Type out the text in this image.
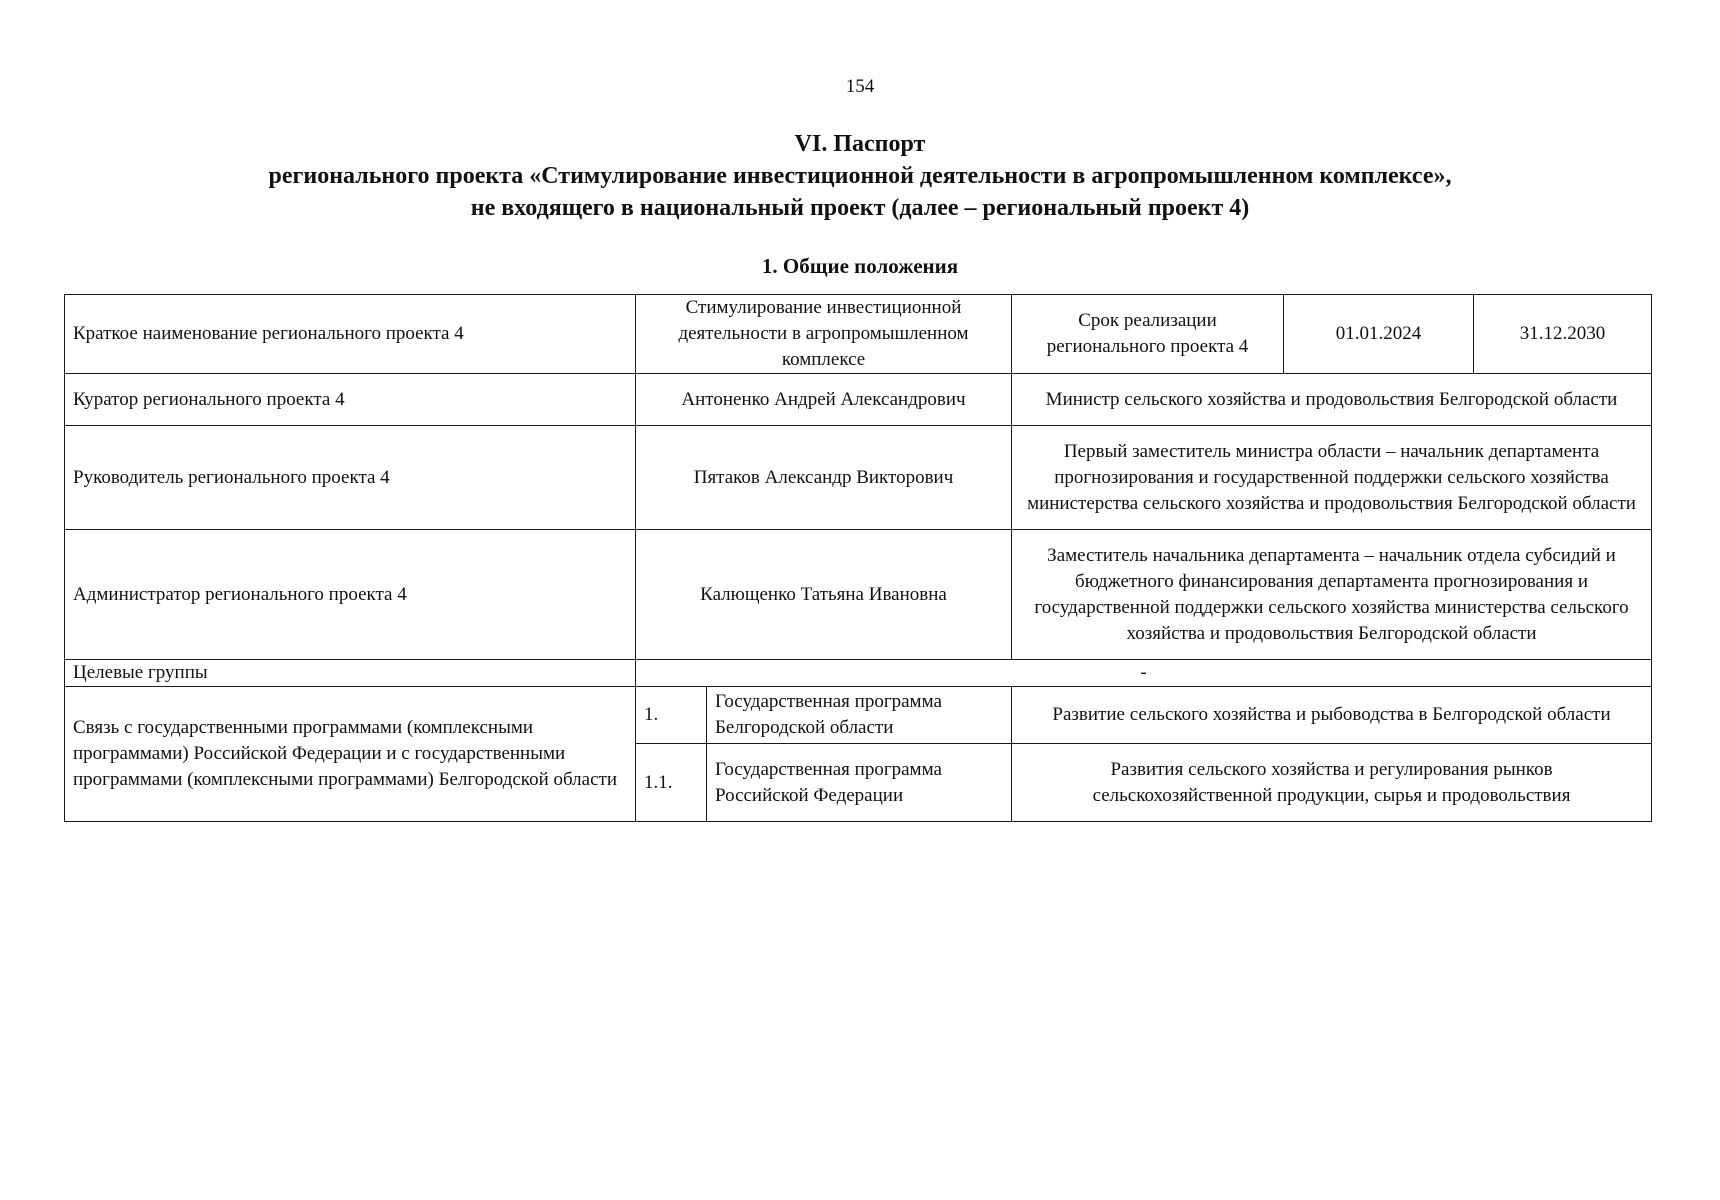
154
VI. Паспорт
регионального проекта «Стимулирование инвестиционной деятельности в агропромышленном комплексе»,
не входящего в национальный проект (далее – региональный проект 4)
1. Общие положения
Краткое наименование регионального проекта 4	Стимулирование инвестиционной деятельности в агропромышленном комплексе		Срок реализации регионального проекта 4	01.01.2024	31.12.2030
Куратор регионального проекта 4	Антоненко Андрей Александрович		Министр сельского хозяйства и продовольствия Белгородской области		
Руководитель регионального проекта 4	Пятаков Александр Викторович		Первый заместитель министра области – начальник департамента прогнозирования и государственной поддержки сельского хозяйства министерства сельского хозяйства и продовольствия Белгородской области		
Администратор регионального проекта 4	Калющенко Татьяна Ивановна		Заместитель начальника департамента – начальник отдела субсидий и бюджетного финансирования департамента прогнозирования и государственной поддержки сельского хозяйства министерства сельского хозяйства и продовольствия Белгородской области		
Целевые группы	-				
Связь с государственными программами (комплексными программами) Российской Федерации и с государственными программами (комплексными программами) Белгородской области	1.	Государственная программа Белгородской области	Развитие сельского хозяйства и рыбоводства в Белгородской области		
	1.1.	Государственная программа Российской Федерации	Развития сельского хозяйства и регулирования рынков сельскохозяйственной продукции, сырья и продовольствия		
